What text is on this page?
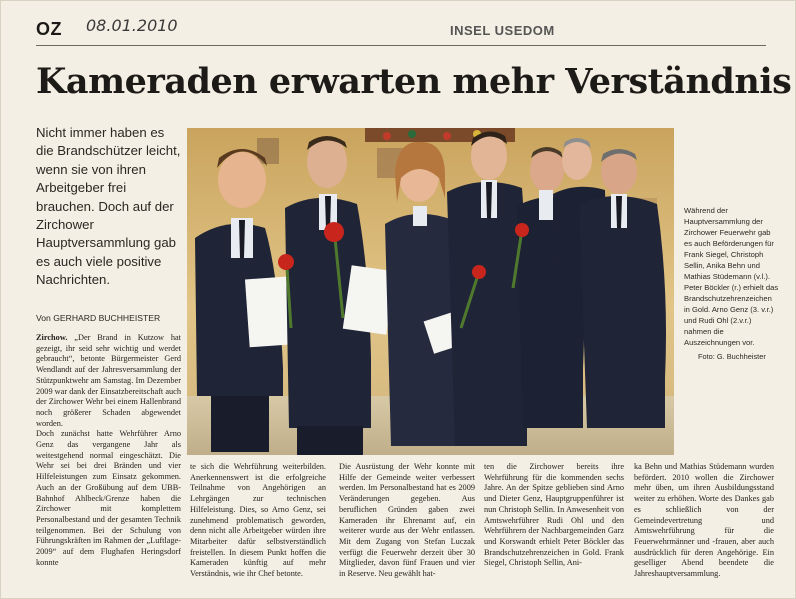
OZ 08.01.2010	INSEL USEDOM
Kameraden erwarten mehr Verständnis
Nicht immer haben es die Brandschützer leicht, wenn sie von ihren Arbeitgeber frei brauchen. Doch auf der Zirchower Hauptversammlung gab es auch viele positive Nachrichten.
Von GERHARD BUCHHEISTER
Während der Hauptversammlung der Zirchower Feuerwehr gab es auch Beförderungen für Frank Siegel, Christoph Sellin, Anika Behn und Mathias Stüdemann (v.l.). Peter Böckler (r.) erhielt das Brandschutzehrenzeichen in Gold. Arno Genz (3. v.r.) und Rudi Ohl (2.v.r.) nahmen die Auszeichnungen vor.
Foto: G. Buchheister

Zirchow. „Der Brand in Kutzow hat gezeigt, ihr seid sehr wichtig und werdet gebraucht“, betonte Bürgermeister Gerd Wendlandt auf der Jahresversammlung der Stützpunktwehr am Samstag. Im Dezember 2009 war dank der Einsatzbereitschaft auch der Zirchower Wehr bei einem Hallenbrand noch größerer Schaden abgewendet worden.

Doch zunächst hatte Wehrführer Arno Genz das vergangene Jahr als weitestgehend normal eingeschätzt. Die Wehr sei bei drei Bränden und vier Hilfeleistungen zum Einsatz gekommen. Auch an der Großübung auf dem UBB-Bahnhof Ahlbeck/Grenze haben die Zirchower mit komplettem Personalbestand und der gesamten Technik teilgenommen. Bei der Schulung von Führungskräften im Rahmen der „Luftlage-2009“ auf dem Flughafen Heringsdorf konnte

te sich die Wehrführung weiterbilden. Anerkennenswert ist die erfolgreiche Teilnahme von Angehörigen an Lehrgängen zur technischen Hilfeleistung. Dies, so Arno Genz, sei zunehmend problematisch geworden, denn nicht alle Arbeitgeber würden ihre Mitarbeiter dafür selbstverständlich freistellen. In diesem Punkt hoffen die Kameraden künftig auf mehr Verständnis, wie ihr Chef betonte.

Die Ausrüstung der Wehr konnte mit Hilfe der Gemeinde weiter verbessert werden. Im Personalbestand hat es 2009 Veränderungen gegeben. Aus beruflichen Gründen gaben zwei Kameraden ihr Ehrenamt auf, ein weiterer wurde aus der Wehr entlassen. Mit dem Zugang von Stefan Luczak verfügt die Feuerwehr derzeit über 30 Mitglieder, davon fünf Frauen und vier in Reserve. Neu gewählt hat-

ten die Zirchower bereits ihre Wehrführung für die kommenden sechs Jahre. An der Spitze geblieben sind Arno und Dieter Genz, Hauptgruppenführer ist nun Christoph Sellin. In Anwesenheit von Amtswehrführer Rudi Ohl und den Wehrführern der Nachbargemeinden Garz und Korswandt erhielt Peter Böckler das Brandschutzehrenzeichen in Gold. Frank Siegel, Christoph Sellin, Ani-

ka Behn und Mathias Stüdemann wurden befördert. 2010 wollen die Zirchower mehr üben, um ihren Ausbildungsstand weiter zu erhöhen. Worte des Dankes gab es schließlich von der Gemeindevertretung und Amtswehrführung für die Feuerwehrmänner und -frauen, aber auch ausdrücklich für deren Angehörige. Ein geselliger Abend beendete die Jahreshauptversammlung.
